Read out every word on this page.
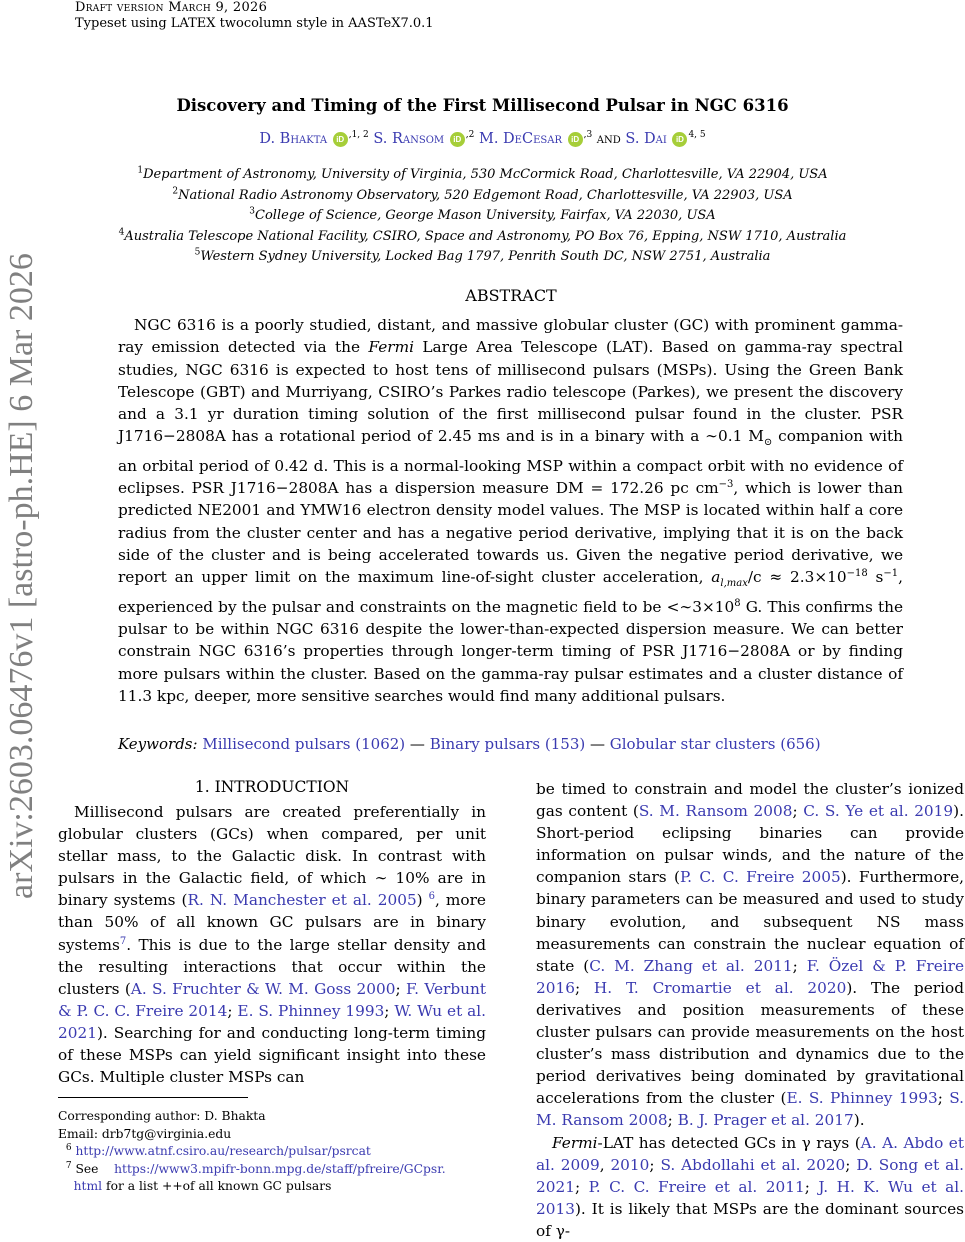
Draft version March 9, 2026
Typeset using LATEX twocolumn style in AASTeX7.0.1
arXiv:2603.06476v1 [astro-ph.HE] 6 Mar 2026
Discovery and Timing of the First Millisecond Pulsar in NGC 6316
D. Bhakta iD $^{,1, 2}$ S. Ransom iD $^{,2}$ M. DeCesar iD $^{,3}$ and S. Dai iD $^{4, 5}$
$^1$Department of Astronomy, University of Virginia, 530 McCormick Road, Charlottesville, VA 22904, USA
$^2$National Radio Astronomy Observatory, 520 Edgemont Road, Charlottesville, VA 22903, USA
$^3$College of Science, George Mason University, Fairfax, VA 22030, USA
$^4$Australia Telescope National Facility, CSIRO, Space and Astronomy, PO Box 76, Epping, NSW 1710, Australia
$^5$Western Sydney University, Locked Bag 1797, Penrith South DC, NSW 2751, Australia
ABSTRACT
NGC 6316 is a poorly studied, distant, and massive globular cluster (GC) with prominent gamma-ray emission detected via the Fermi Large Area Telescope (LAT). Based on gamma-ray spectral studies, NGC 6316 is expected to host tens of millisecond pulsars (MSPs). Using the Green Bank Telescope (GBT) and Murriyang, CSIRO’s Parkes radio telescope (Parkes), we present the discovery and a 3.1 yr duration timing solution of the first millisecond pulsar found in the cluster. PSR J1716−2808A has a rotational period of 2.45 ms and is in a binary with a ∼0.1 $M_⊙$ companion with an orbital period of 0.42 d. This is a normal-looking MSP within a compact orbit with no evidence of eclipses. PSR J1716−2808A has a dispersion measure DM = 172.26 pc $cm^{-3}$, which is lower than predicted NE2001 and YMW16 electron density model values. The MSP is located within half a core radius from the cluster center and has a negative period derivative, implying that it is on the back side of the cluster and is being accelerated towards us. Given the negative period derivative, we report an upper limit on the maximum line-of-sight cluster acceleration, $a_{l,max}/c \approx 2.3\times 10^{-18}$ $s^{-1}$, experienced by the pulsar and constraints on the magnetic field to be $<\sim 3\times 10^8$ G. This confirms the pulsar to be within NGC 6316 despite the lower-than-expected dispersion measure. We can better constrain NGC 6316’s properties through longer-term timing of PSR J1716−2808A or by finding more pulsars within the cluster. Based on the gamma-ray pulsar estimates and a cluster distance of 11.3 kpc, deeper, more sensitive searches would find many additional pulsars.
Keywords: Millisecond pulsars (1062) — Binary pulsars (153) — Globular star clusters (656)
1. INTRODUCTION
Millisecond pulsars are created preferentially in globular clusters (GCs) when compared, per unit stellar mass, to the Galactic disk. In contrast with pulsars in the Galactic field, of which ∼ 10% are in binary systems (R. N. Manchester et al. 2005) $^6$, more than 50% of all known GC pulsars are in binary systems$^7$. This is due to the large stellar density and the resulting interactions that occur within the clusters (A. S. Fruchter & W. M. Goss 2000; F. Verbunt & P. C. C. Freire 2014; E. S. Phinney 1993; W. Wu et al. 2021). Searching for and conducting long-term timing of these MSPs can yield significant insight into these GCs. Multiple cluster MSPs can

be timed to constrain and model the cluster’s ionized gas content (S. M. Ransom 2008; C. S. Ye et al. 2019). Short-period eclipsing binaries can provide information on pulsar winds, and the nature of the companion stars (P. C. C. Freire 2005). Furthermore, binary parameters can be measured and used to study binary evolution, and subsequent NS mass measurements can constrain the nuclear equation of state (C. M. Zhang et al. 2011; F. Özel & P. Freire 2016; H. T. Cromartie et al. 2020). The period derivatives and position measurements of these cluster pulsars can provide measurements on the host cluster’s mass distribution and dynamics due to the period derivatives being dominated by gravitational accelerations from the cluster (E. S. Phinney 1993; S. M. Ransom 2008; B. J. Prager et al. 2017).

Fermi-LAT has detected GCs in γ rays (A. A. Abdo et al. 2009, 2010; S. Abdollahi et al. 2020; D. Song et al. 2021; P. C. C. Freire et al. 2011; J. H. K. Wu et al. 2013). It is likely that MSPs are the dominant sources of γ-

Corresponding author: D. Bhakta
Email: drb7tg@virginia.edu
$^6$ http://www.atnf.csiro.au/research/pulsar/psrcat
$^7$ See https://www3.mpifr-bonn.mpg.de/staff/pfreire/GCpsr.
html for a list ++of all known GC pulsars
